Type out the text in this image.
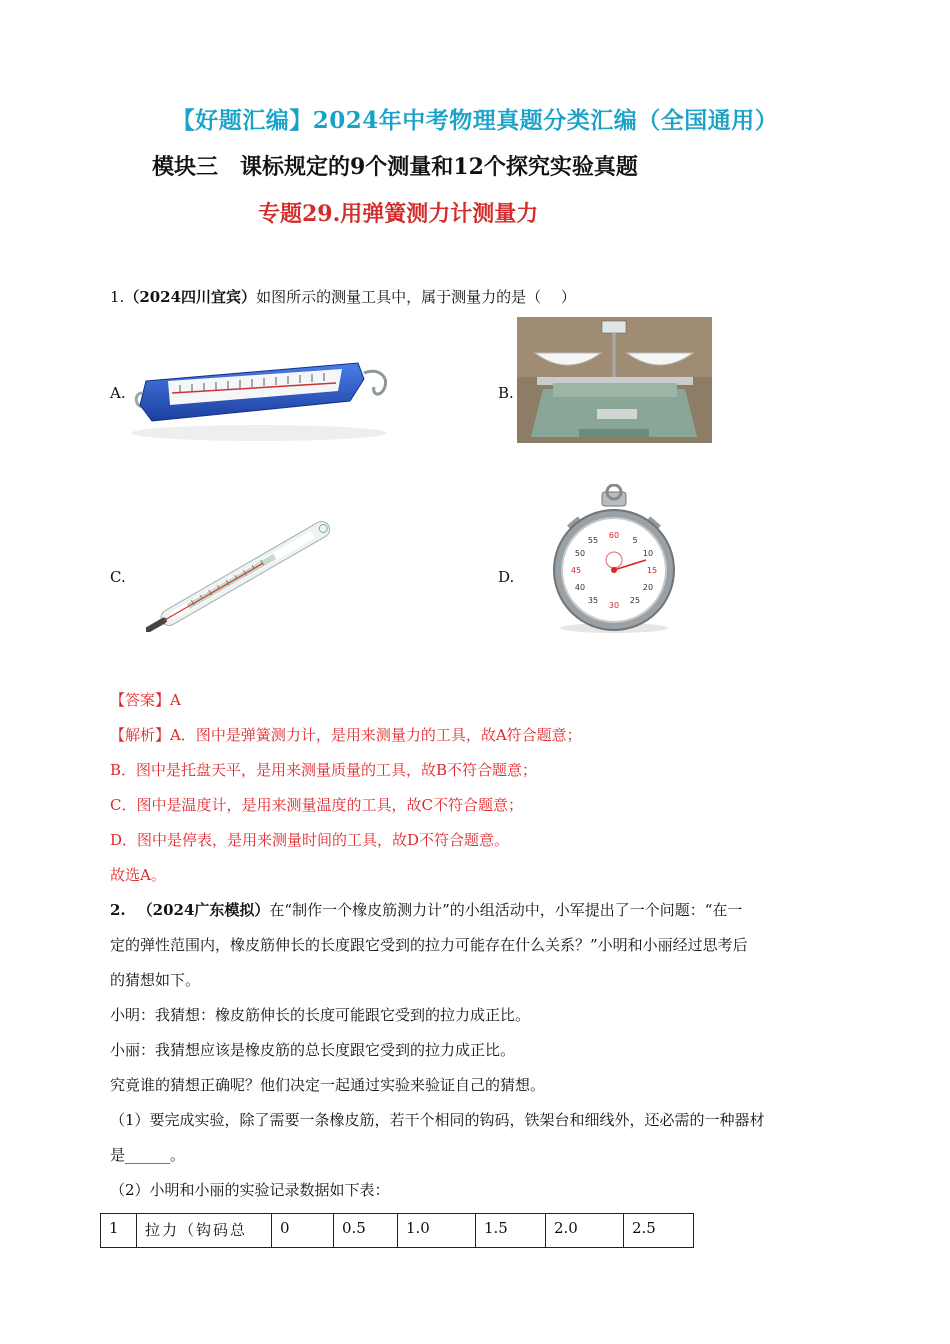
【好题汇编】2024年中考物理真题分类汇编（全国通用）
模块三　课标规定的9个测量和12个探究实验真题
专题29.用弹簧测力计测量力
1.（2024四川宜宾）如图所示的测量工具中，属于测量力的是（　 ）
A.	B.
C.	D.
60
5
10
15
20
25
30
35
40
45
50
55
【答案】A
【解析】A．图中是弹簧测力计，是用来测量力的工具，故A符合题意；
B．图中是托盘天平，是用来测量质量的工具，故B不符合题意；
C．图中是温度计，是用来测量温度的工具，故C不符合题意；
D．图中是停表，是用来测量时间的工具，故D不符合题意。
故选A。
2. （2024广东模拟）在“制作一个橡皮筋测力计”的小组活动中，小军提出了一个问题：“在一
定的弹性范围内，橡皮筋伸长的长度跟它受到的拉力可能存在什么关系？”小明和小丽经过思考后
的猜想如下。
小明：我猜想：橡皮筋伸长的长度可能跟它受到的拉力成正比。
小丽：我猜想应该是橡皮筋的总长度跟它受到的拉力成正比。
究竟谁的猜想正确呢？他们决定一起通过实验来验证自己的猜想。
（1）要完成实验，除了需要一条橡皮筋，若干个相同的钩码，铁架台和细线外，还必需的一种器材
是______。
（2）小明和小丽的实验记录数据如下表：
1	拉力（钩码总	0	0.5	1.0	1.5	2.0	2.5
